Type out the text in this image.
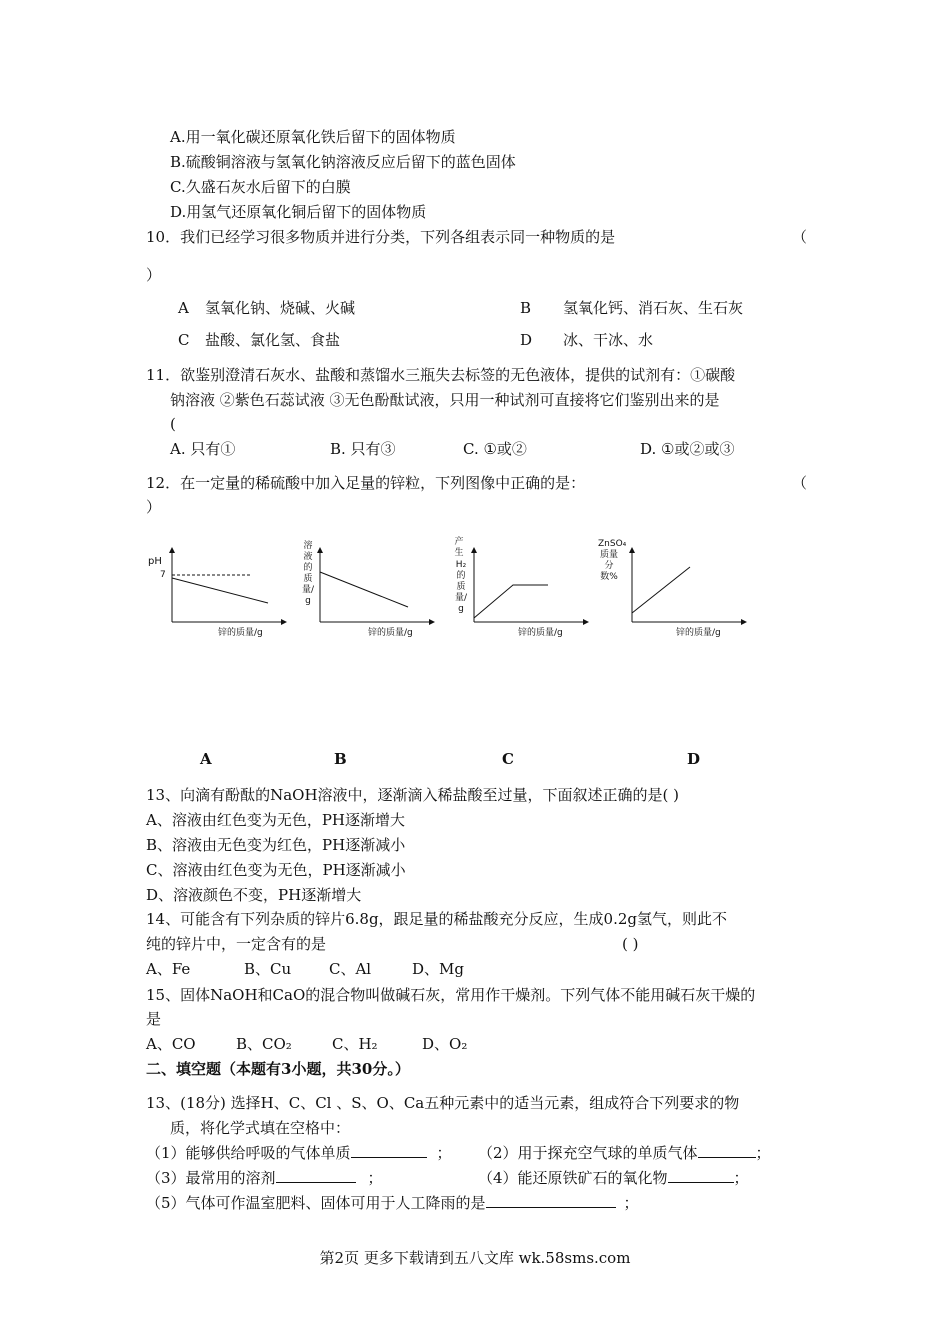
A.用一氧化碳还原氧化铁后留下的固体物质
B.硫酸铜溶液与氢氧化钠溶液反应后留下的蓝色固体
C.久盛石灰水后留下的白膜
D.用氢气还原氧化铜后留下的固体物质
10．我们已经学习很多物质并进行分类，下列各组表示同一种物质的是	（
）
A 氢氧化钠、烧碱、火碱	B 氢氧化钙、消石灰、生石灰
C 盐酸、氯化氢、食盐	D 冰、干冰、水
11．欲鉴别澄清石灰水、盐酸和蒸馏水三瓶失去标签的无色液体，提供的试剂有：①碳酸
钠溶液 ②紫色石蕊试液 ③无色酚酞试液，只用一种试剂可直接将它们鉴别出来的是
(
A. 只有①	B. 只有③	C. ①或②	D. ①或②或③
12．在一定量的稀硫酸中加入足量的锌粒，下列图像中正确的是：	（
）
pH
7
锌的质量/g
溶液的质量/g
锌的质量/g
产生
H₂的质量/g
锌的质量/g
ZnSO₄
质量分数%
锌的质量/g
A	B	C	D
13、向滴有酚酞的NaOH溶液中，逐渐滴入稀盐酸至过量，下面叙述正确的是( )
A、溶液由红色变为无色，PH逐渐增大
B、溶液由无色变为红色，PH逐渐减小
C、溶液由红色变为无色，PH逐渐减小
D、溶液颜色不变，PH逐渐增大
14、可能含有下列杂质的锌片6.8g，跟足量的稀盐酸充分反应，生成0.2g氢气，则此不
纯的锌片中，一定含有的是	( )
A、Fe	B、Cu	C、Al	D、Mg
15、固体NaOH和CaO的混合物叫做碱石灰，常用作干燥剂。下列气体不能用碱石灰干燥的
是
A、CO	B、CO₂	C、H₂	D、O₂
二、填空题（本题有3小题，共30分。）
13、(18分) 选择H、C、Cl 、S、O、Ca五种元素中的适当元素，组成符合下列要求的物
质，将化学式填在空格中：
（1）能够供给呼吸的气体单质	； （2）用于探充空气球的单质气体	；
（3）最常用的溶剂	；	（4）能还原铁矿石的氧化物	；
（5）气体可作温室肥料、固体可用于人工降雨的是	；
第2页 更多下载请到五八文库 wk.58sms.com
